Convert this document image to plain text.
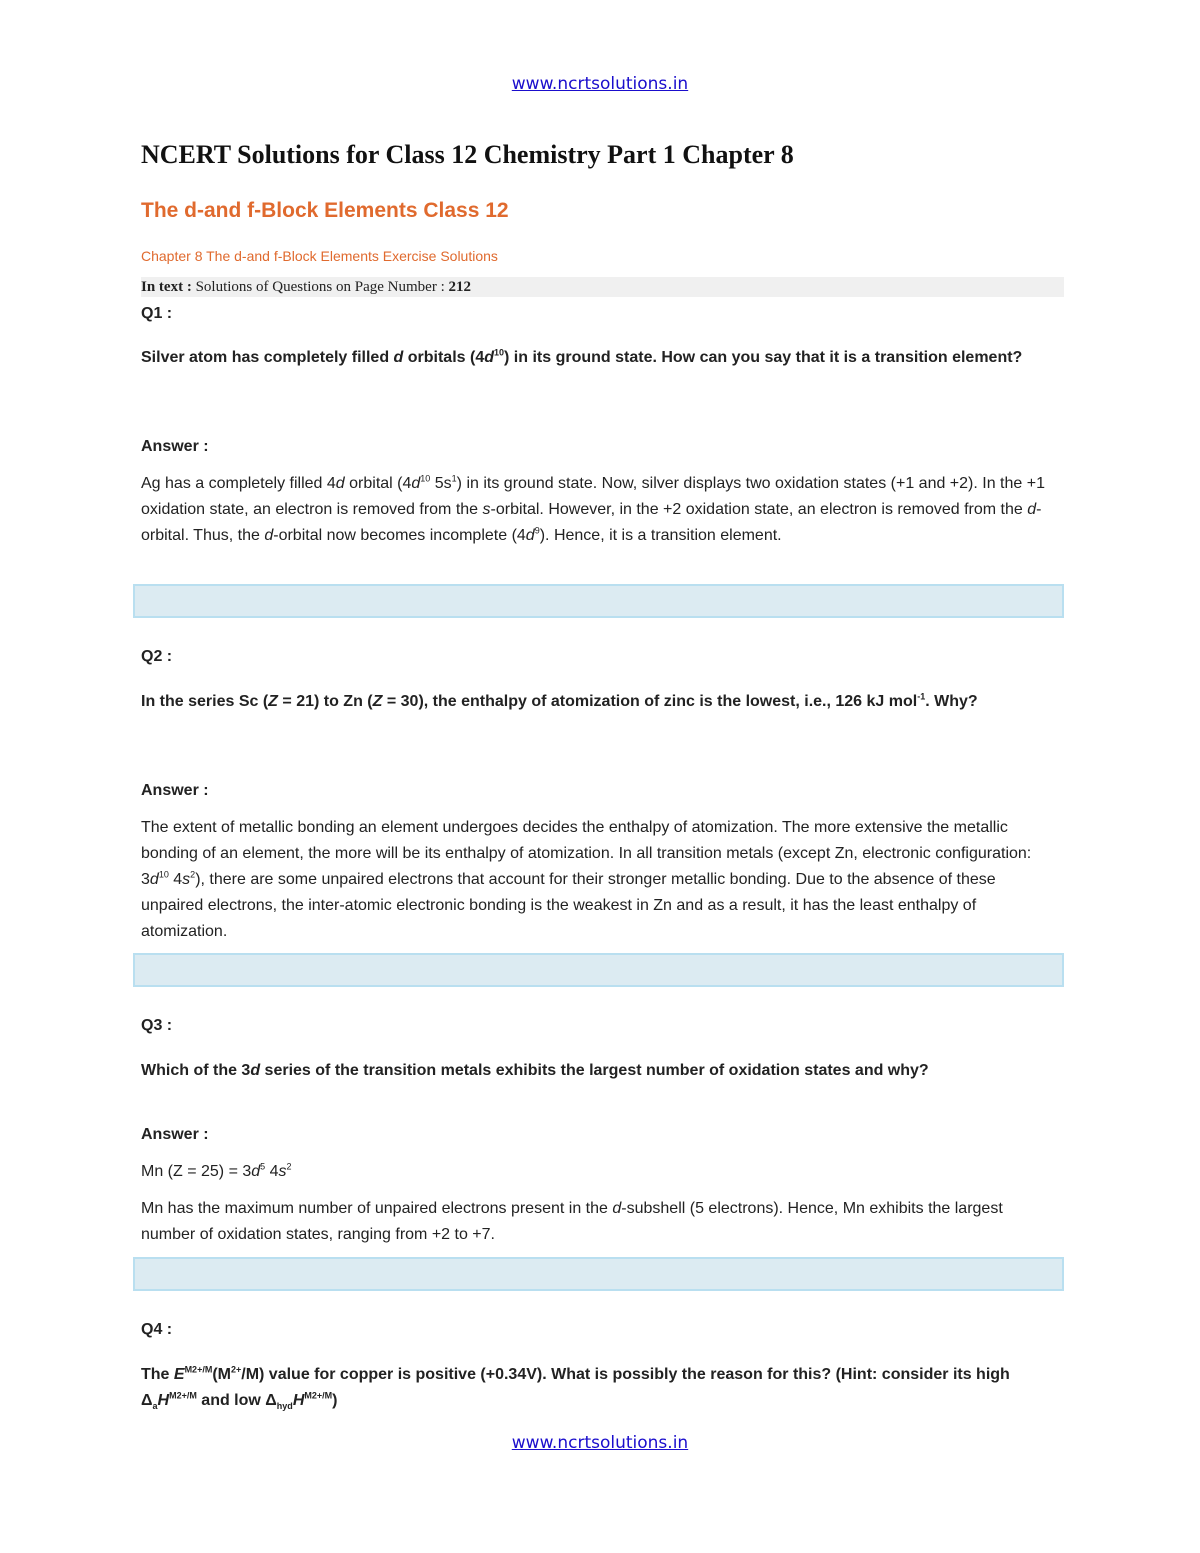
www.ncrtsolutions.in
NCERT Solutions for Class 12 Chemistry Part 1 Chapter 8
The d-and f-Block Elements Class 12
Chapter 8 The d-and f-Block Elements Exercise Solutions
In text : Solutions of Questions on Page Number : 212
Q1 :
Silver atom has completely filled d orbitals $(4d^{10})$ in its ground state. How can you say that it is a transition element?
Answer :
Ag has a completely filled 4d orbital ($4d^{10}$ $5s^1$) in its ground state. Now, silver displays two oxidation states (+1 and +2). In the +1 oxidation state, an electron is removed from the s-orbital. However, in the +2 oxidation state, an electron is removed from the d-orbital. Thus, the d-orbital now becomes incomplete $(4d^9)$. Hence, it is a transition element.
Q2 :
In the series Sc (Z = 21) to Zn (Z = 30), the enthalpy of atomization of zinc is the lowest, i.e., 126 kJ mol$^{-1}$. Why?
Answer :
The extent of metallic bonding an element undergoes decides the enthalpy of atomization. The more extensive the metallic bonding of an element, the more will be its enthalpy of atomization. In all transition metals (except Zn, electronic configuration: $3d^{10}$ $4s^2$), there are some unpaired electrons that account for their stronger metallic bonding. Due to the absence of these unpaired electrons, the inter-atomic electronic bonding is the weakest in Zn and as a result, it has the least enthalpy of atomization.
Q3 :
Which of the 3d series of the transition metals exhibits the largest number of oxidation states and why?
Answer :
Mn $(Z = 25) = 3d^5$ $4s^2$
Mn has the maximum number of unpaired electrons present in the d-subshell (5 electrons). Hence, Mn exhibits the largest number of oxidation states, ranging from +2 to +7.
Q4 :
The $E^{M2+/M}(M^{2+}/M)$ value for copper is positive (+0.34V). What is possibly the reason for this? (Hint: consider its high $\Delta_aH^{M2+/M}$ and low $\Delta_{hyd}H^{M2+/M}$)
www.ncrtsolutions.in
